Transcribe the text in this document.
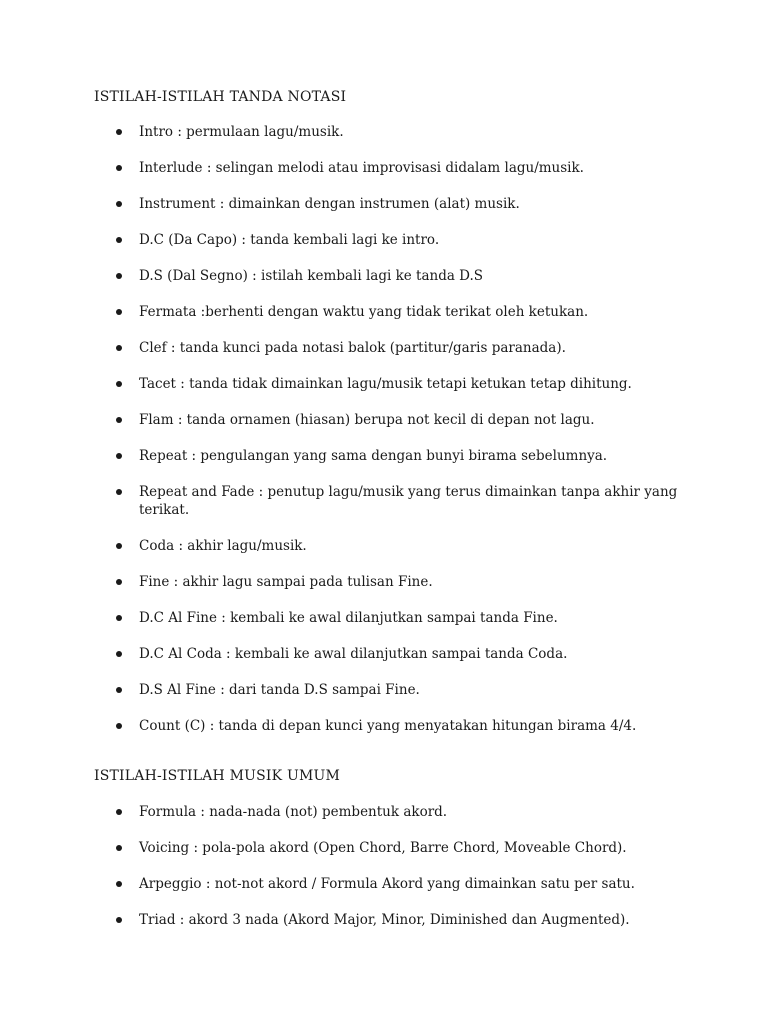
ISTILAH-ISTILAH TANDA NOTASI
Intro : permulaan lagu/musik.
Interlude : selingan melodi atau improvisasi didalam lagu/musik.
Instrument : dimainkan dengan instrumen (alat) musik.
D.C (Da Capo) : tanda kembali lagi ke intro.
D.S (Dal Segno) : istilah kembali lagi ke tanda D.S
Fermata :berhenti dengan waktu yang tidak terikat oleh ketukan.
Clef : tanda kunci pada notasi balok (partitur/garis paranada).
Tacet : tanda tidak dimainkan lagu/musik tetapi ketukan tetap dihitung.
Flam : tanda ornamen (hiasan) berupa not kecil di depan not lagu.
Repeat : pengulangan yang sama dengan bunyi birama sebelumnya.
Repeat and Fade : penutup lagu/musik yang terus dimainkan tanpa akhir yang terikat.
Coda : akhir lagu/musik.
Fine : akhir lagu sampai pada tulisan Fine.
D.C Al Fine : kembali ke awal dilanjutkan sampai tanda Fine.
D.C Al Coda : kembali ke awal dilanjutkan sampai tanda Coda.
D.S Al Fine : dari tanda D.S sampai Fine.
Count (C) : tanda di depan kunci yang menyatakan hitungan birama 4/4.
ISTILAH-ISTILAH MUSIK UMUM
Formula : nada-nada (not) pembentuk akord.
Voicing : pola-pola akord (Open Chord, Barre Chord, Moveable Chord).
Arpeggio : not-not akord / Formula Akord yang dimainkan satu per satu.
Triad : akord 3 nada (Akord Major, Minor, Diminished dan Augmented).
